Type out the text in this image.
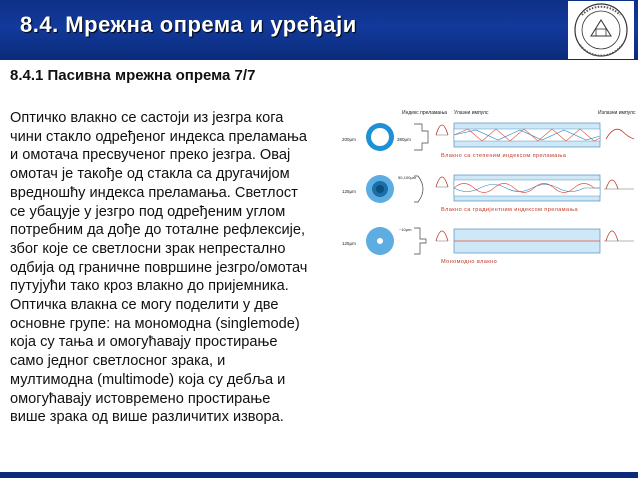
8.4. Мрежна опрема и уређаји
8.4.1 Пасивна мрежна опрема 7/7
Оптичко влакно се састоји из језгра кога
чини стакло одређеног индекса преламања
и омотача пресвученог преко језгра. Овај
омотач је такође од стакла са другачијом
вредношћу индекса преламања. Светлост
се убацује у језгро под одређеним углом
потребним да дође до тоталне рефлексије,
због које се светлосни зрак непрестално
одбија од граничне површине језгро/омотач
путујући тако кроз влакно до пријемника.
Оптичка влакна се могу поделити у две
основне групе: на мономодна (singlemode)
која су тања и омогућавају простирање
само једног светлосног зрака, и
мултимодна (multimode) која су дебља и
омогућавају истовремено простирање
више зрака од више различитих извора.
Индекс преламања Улазни импулс	Излазни импулс
200μm	380μm
Влакно са степеним индексом преламања
125μm
50-100μm
Влакно са градијентним индексом преламања
125μm
~10μm
Мономодно влакно
